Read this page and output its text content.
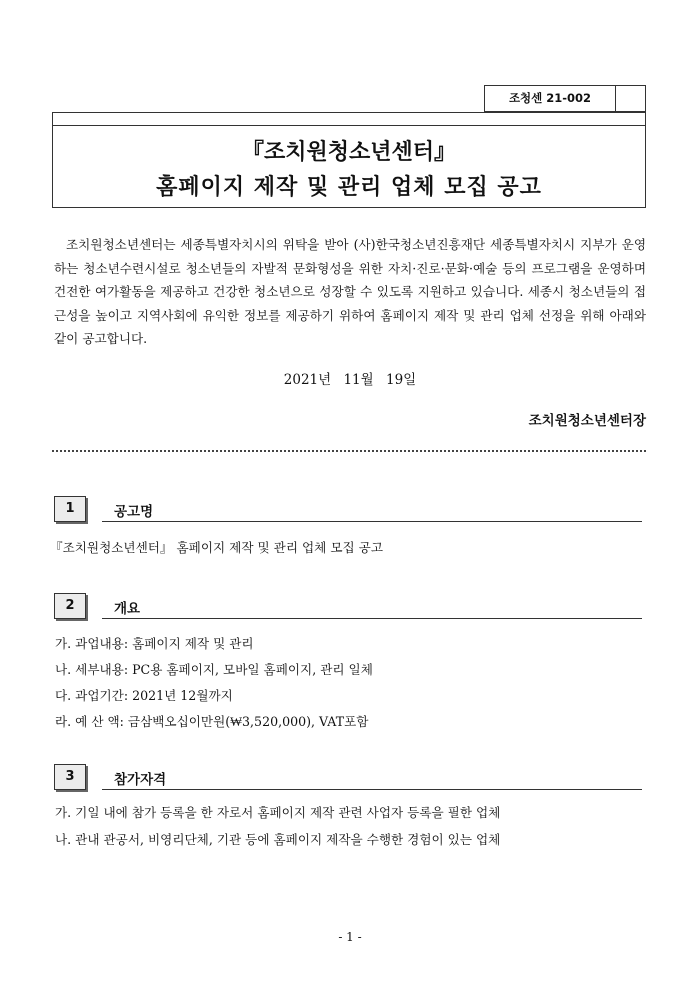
조청센 21-002
『조치원청소년센터』
홈페이지 제작 및 관리 업체 모집 공고

조치원청소년센터는 세종특별자치시의 위탁을 받아 (사)한국청소년진흥재단 세종특별자치시 지부가 운영하는 청소년수련시설로 청소년들의 자발적 문화형성을 위한 자치·진로·문화·예술 등의 프로그램을 운영하며 건전한 여가활동을 제공하고 건강한 청소년으로 성장할 수 있도록 지원하고 있습니다. 세종시 청소년들의 접근성을 높이고 지역사회에 유익한 정보를 제공하기 위하여 홈페이지 제작 및 관리 업체 선정을 위해 아래와 같이 공고합니다.

2021년 11월 19일
조치원청소년센터장
1	공고명
『조치원청소년센터』 홈페이지 제작 및 관리 업체 모집 공고
2	개요
가. 과업내용: 홈페이지 제작 및 관리
나. 세부내용: PC용 홈페이지, 모바일 홈페이지, 관리 일체
다. 과업기간: 2021년 12월까지
라. 예 산 액: 금삼백오십이만원(₩3,520,000), VAT포함
3	참가자격
가. 기일 내에 참가 등록을 한 자로서 홈페이지 제작 관련 사업자 등록을 필한 업체
나. 관내 관공서, 비영리단체, 기관 등에 홈페이지 제작을 수행한 경험이 있는 업체
- 1 -
